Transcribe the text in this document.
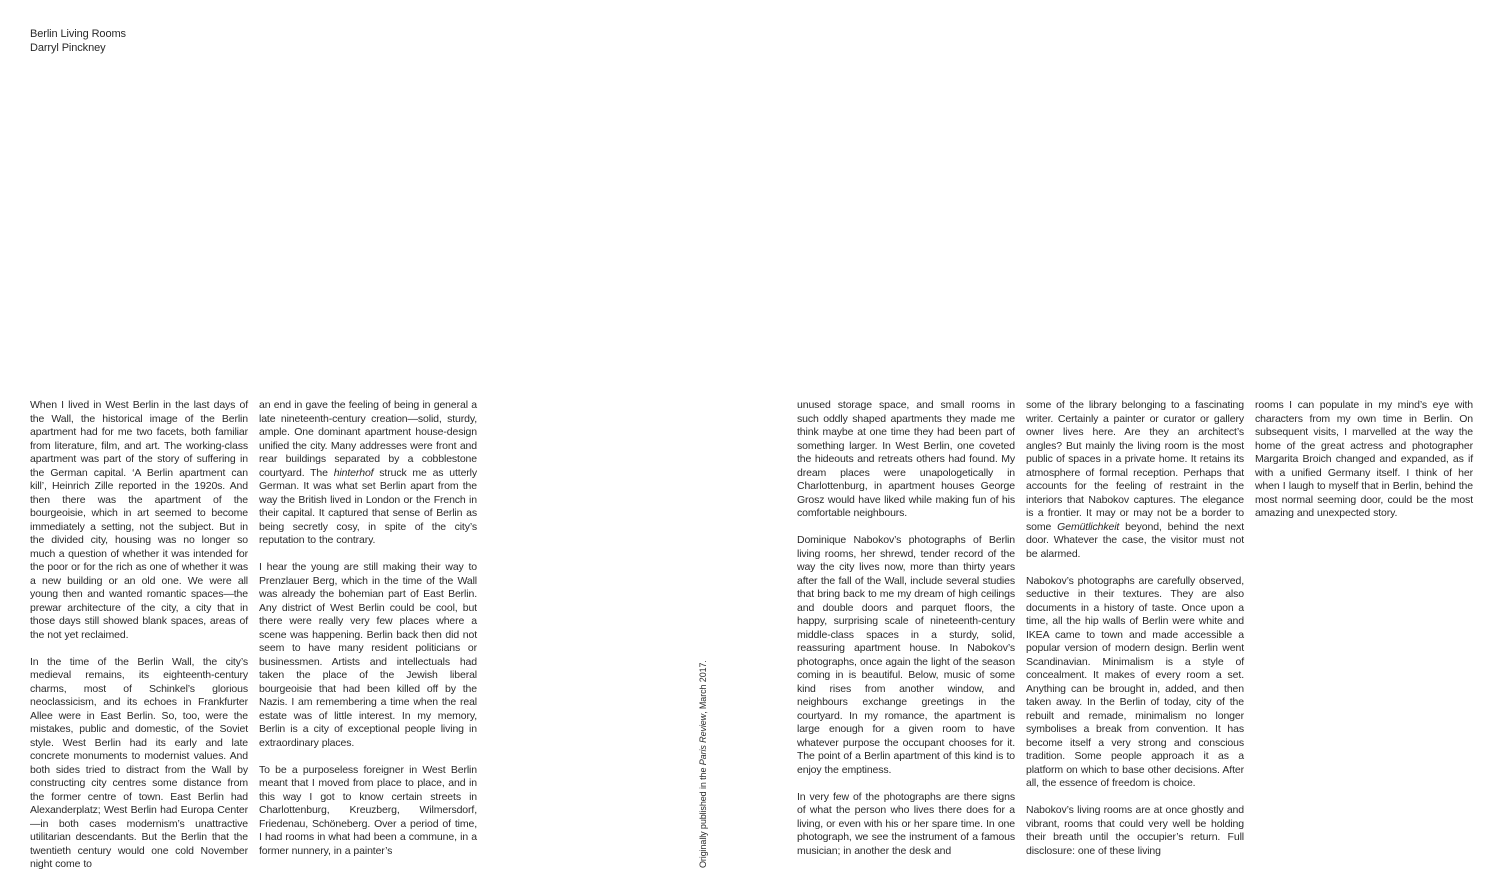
Berlin Living Rooms
Darryl Pinckney

When I lived in West Berlin in the last days of the Wall, the historical image of the Berlin apartment had for me two facets, both familiar from literature, film, and art. The working-class apartment was part of the story of suffering in the German capital. ‘A Berlin apartment can kill’, Heinrich Zille reported in the 1920s. And then there was the apartment of the bourgeoisie, which in art seemed to become immediately a setting, not the subject. But in the divided city, housing was no longer so much a question of whether it was intended for the poor or for the rich as one of whether it was a new building or an old one. We were all young then and wanted romantic spaces—the prewar architecture of the city, a city that in those days still showed blank spaces, areas of the not yet reclaimed.

In the time of the Berlin Wall, the city’s medieval remains, its eighteenth-century charms, most of Schinkel’s glorious neoclassicism, and its echoes in Frankfurter Allee were in East Berlin. So, too, were the mistakes, public and domestic, of the Soviet style. West Berlin had its early and late concrete monuments to modernist values. And both sides tried to distract from the Wall by constructing city centres some distance from the former centre of town. East Berlin had Alexanderplatz; West Berlin had Europa Center—in both cases modernism’s unattractive utilitarian descendants. But the Berlin that the twentieth century would one cold November night come to

an end in gave the feeling of being in general a late nineteenth-century creation—solid, sturdy, ample. One dominant apartment house-design unified the city. Many addresses were front and rear buildings separated by a cobblestone courtyard. The hinterhof struck me as utterly German. It was what set Berlin apart from the way the British lived in London or the French in their capital. It captured that sense of Berlin as being secretly cosy, in spite of the city’s reputation to the contrary.

I hear the young are still making their way to Prenzlauer Berg, which in the time of the Wall was already the bohemian part of East Berlin. Any district of West Berlin could be cool, but there were really very few places where a scene was happening. Berlin back then did not seem to have many resident politicians or businessmen. Artists and intellectuals had taken the place of the Jewish liberal bourgeoisie that had been killed off by the Nazis. I am remembering a time when the real estate was of little interest. In my memory, Berlin is a city of exceptional people living in extraordinary places.

To be a purposeless foreigner in West Berlin meant that I moved from place to place, and in this way I got to know certain streets in Charlottenburg, Kreuzberg, Wilmersdorf, Friedenau, Schöneberg. Over a period of time, I had rooms in what had been a commune, in a former nunnery, in a painter’s

unused storage space, and small rooms in such oddly shaped apartments they made me think maybe at one time they had been part of something larger. In West Berlin, one coveted the hideouts and retreats others had found. My dream places were unapologetically in Charlottenburg, in apartment houses George Grosz would have liked while making fun of his comfortable neighbours.

Dominique Nabokov’s photographs of Berlin living rooms, her shrewd, tender record of the way the city lives now, more than thirty years after the fall of the Wall, include several studies that bring back to me my dream of high ceilings and double doors and parquet floors, the happy, surprising scale of nineteenth-century middle-class spaces in a sturdy, solid, reassuring apartment house. In Nabokov’s photographs, once again the light of the season coming in is beautiful. Below, music of some kind rises from another window, and neighbours exchange greetings in the courtyard. In my romance, the apartment is large enough for a given room to have whatever purpose the occupant chooses for it. The point of a Berlin apartment of this kind is to enjoy the emptiness.

In very few of the photographs are there signs of what the person who lives there does for a living, or even with his or her spare time. In one photograph, we see the instrument of a famous musician; in another the desk and

some of the library belonging to a fascinating writer. Certainly a painter or curator or gallery owner lives here. Are they an architect’s angles? But mainly the living room is the most public of spaces in a private home. It retains its atmosphere of formal reception. Perhaps that accounts for the feeling of restraint in the interiors that Nabokov captures. The elegance is a frontier. It may or may not be a border to some Gemütlichkeit beyond, behind the next door. Whatever the case, the visitor must not be alarmed.

Nabokov’s photographs are carefully observed, seductive in their textures. They are also documents in a history of taste. Once upon a time, all the hip walls of Berlin were white and IKEA came to town and made accessible a popular version of modern design. Berlin went Scandinavian. Minimalism is a style of concealment. It makes of every room a set. Anything can be brought in, added, and then taken away. In the Berlin of today, city of the rebuilt and remade, minimalism no longer symbolises a break from convention. It has become itself a very strong and conscious tradition. Some people approach it as a platform on which to base other decisions. After all, the essence of freedom is choice.

Nabokov’s living rooms are at once ghostly and vibrant, rooms that could very well be holding their breath until the occupier’s return. Full disclosure: one of these living

rooms I can populate in my mind’s eye with characters from my own time in Berlin. On subsequent visits, I marvelled at the way the home of the great actress and photographer Margarita Broich changed and expanded, as if with a unified Germany itself. I think of her when I laugh to myself that in Berlin, behind the most normal seeming door, could be the most amazing and unexpected story.

Originally published in the Paris Review, March 2017.
